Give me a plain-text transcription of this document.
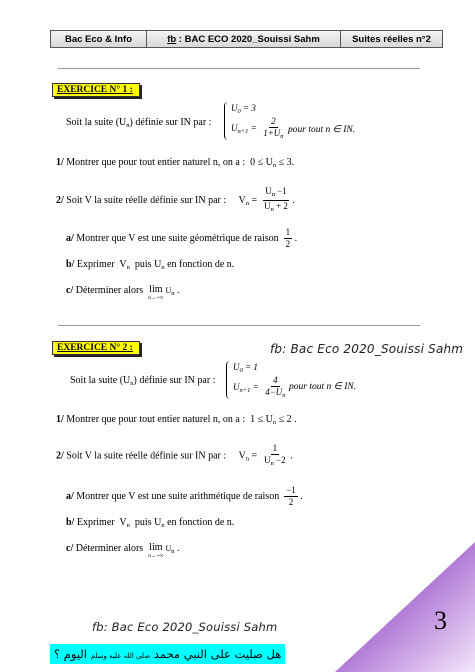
Bac Eco & Info	fb : BAC ECO 2020_Souissi Sahm	Suites réelles n°2
EXERCICE N° 1 :
Soit la suite $(U_n)$ définie sur IN par :
$U_0 = 3$
$U_{n+1} = \frac{2}{1+U_n}$ pour tout n ∈ IN.
1/ Montrer que pour tout entier naturel n, on a :  $0 \le U_n \le 3$.
2/ Soit V la suite réelle définie sur IN par :     $V_n = \frac{U_n -1}{U_n + 2}$ .
a/ Montrer que V est une suite géométrique de raison $\frac{1}{2}$ .
b/ Exprimer  $V_n$  puis $U_n$ en fonction de n.
c/ Déterminer alors lim
n→+∞
$U_n$ .
EXERCICE N° 2 :	fb: Bac Eco 2020_Souissi Sahm
Soit la suite $(U_n)$ définie sur IN par :
$U_0 = 1$
$U_{n+1} = \frac{4}{4-U_n}$ pour tout n ∈ IN.
1/ Montrer que pour tout entier naturel n, on a :  $1 \le U_n \le 2$ .
2/ Soit V la suite réelle définie sur IN par :     $V_n = \frac{1}{U_n -2}$ .
a/ Montrer que V est une suite arithmétique de raison $\frac{-1}{2}$ .
b/ Exprimer  $V_n$  puis $U_n$ en fonction de n.
c/ Déterminer alors lim
n→+∞
$U_n$ .
3
fb: Bac Eco 2020_Souissi Sahm
هل صليت على النبي محمد صلى الله عليه وسلم اليوم ؟
